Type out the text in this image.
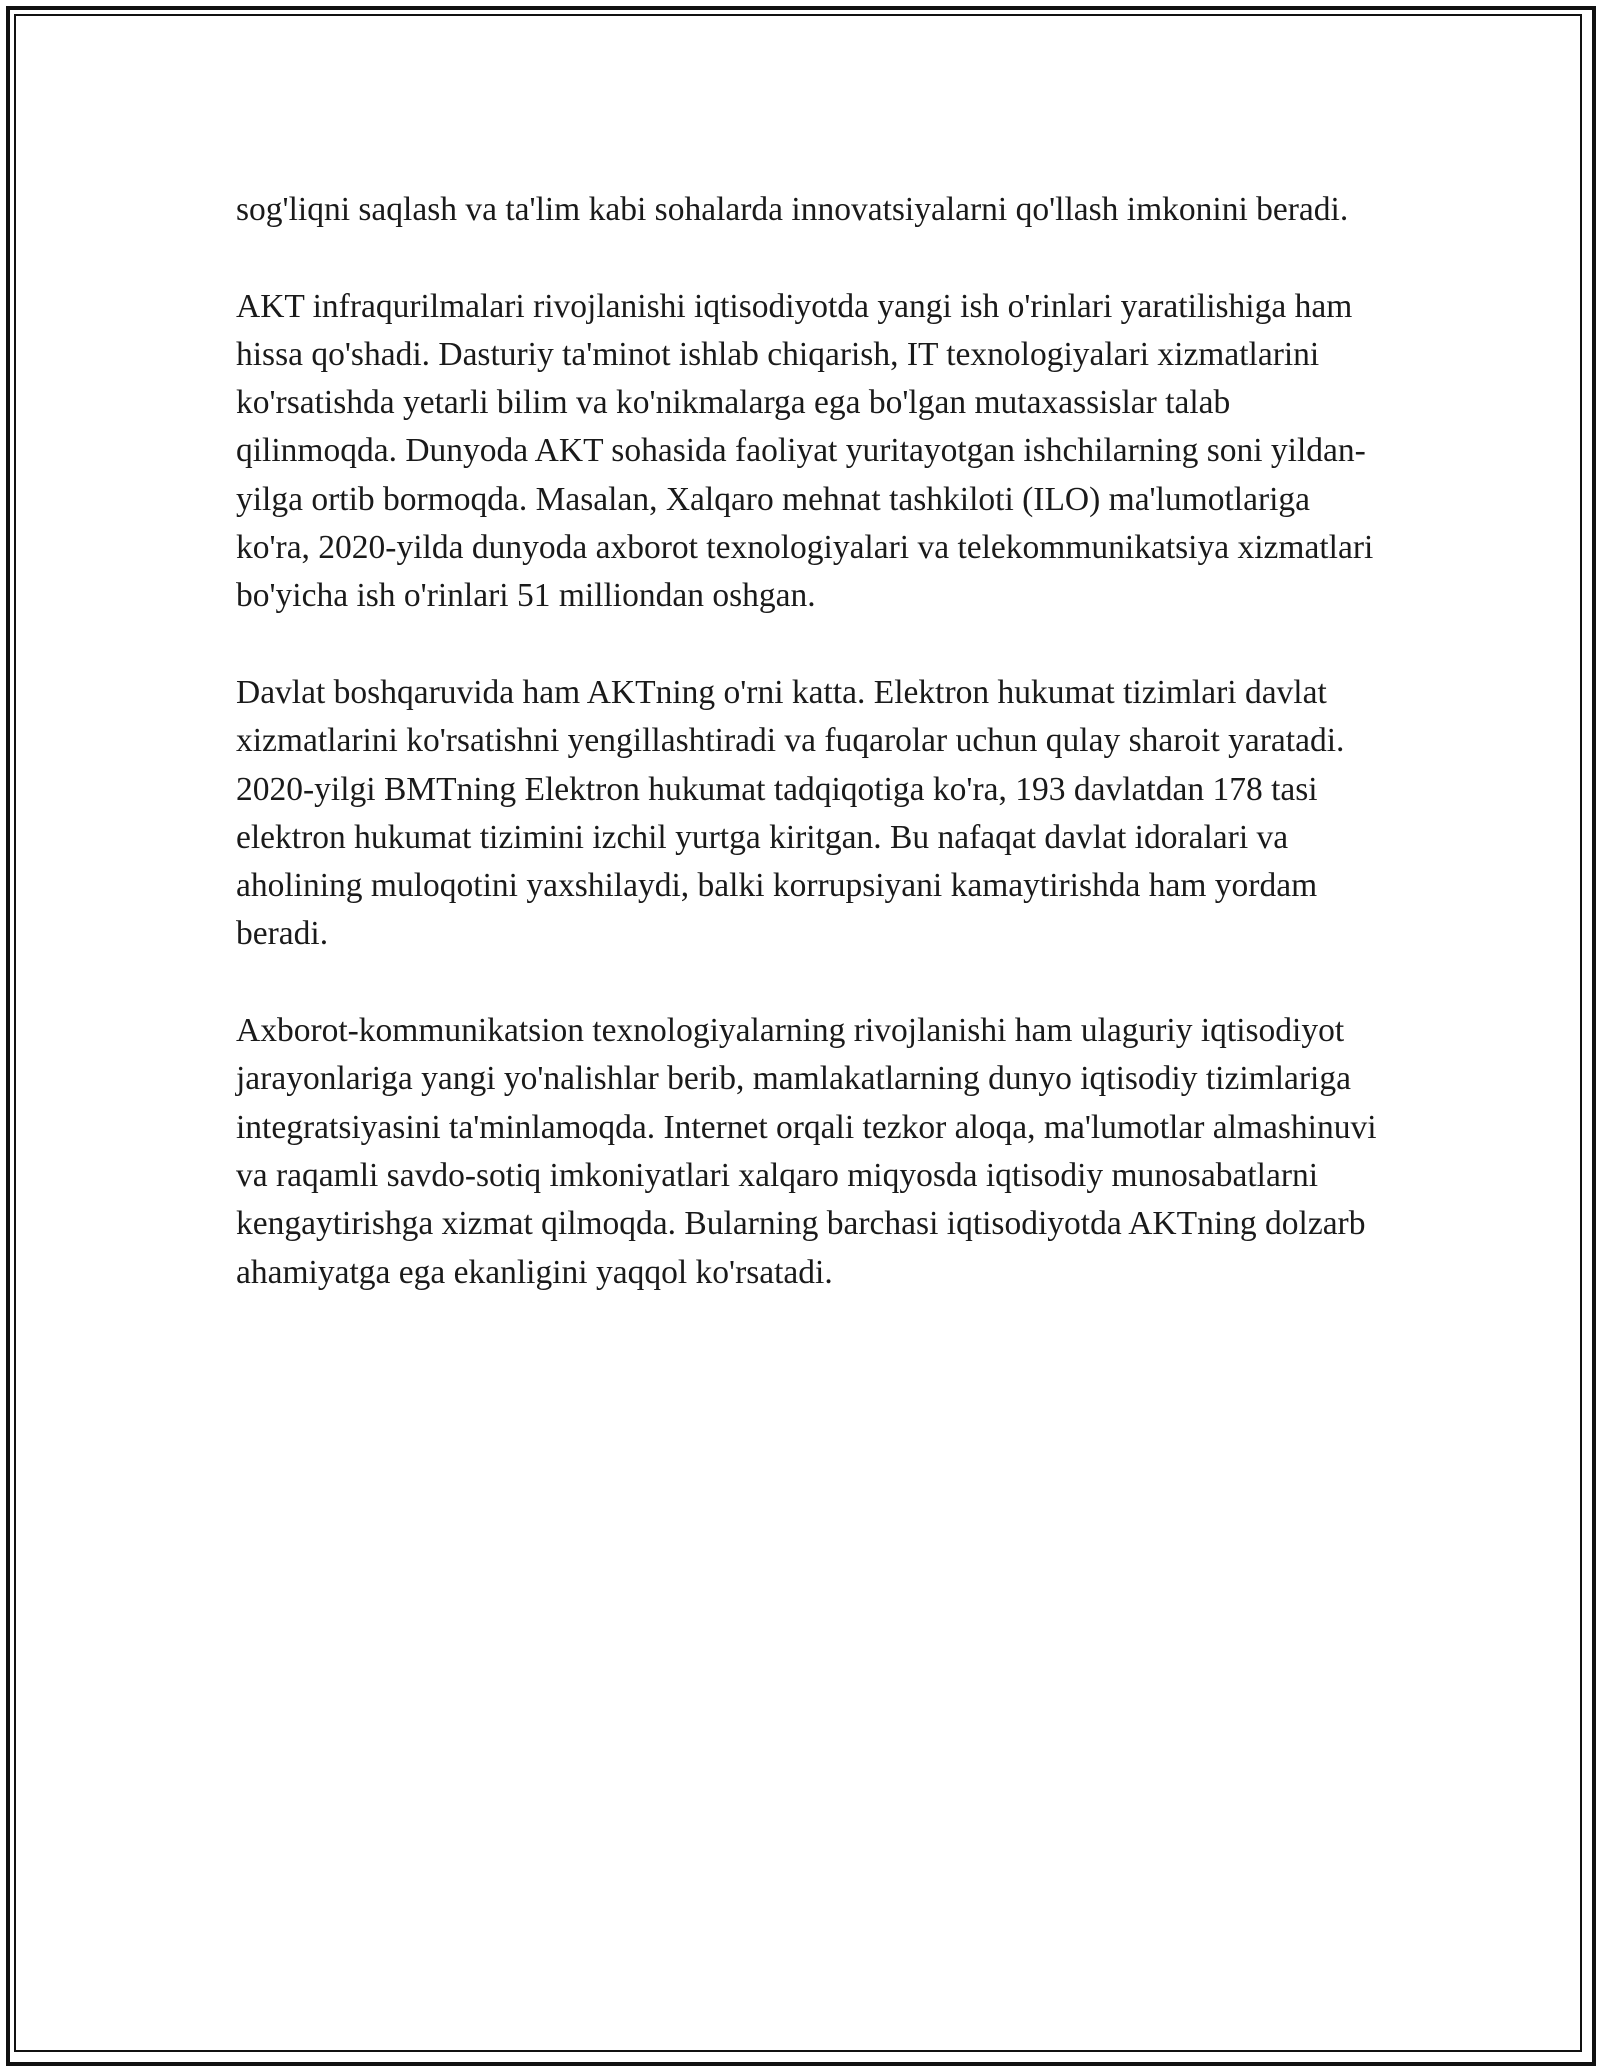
sog'liqni saqlash va ta'lim kabi sohalarda innovatsiyalarni qo'llash imkonini beradi.

AKT infraqurilmalari rivojlanishi iqtisodiyotda yangi ish o'rinlari yaratilishiga ham hissa qo'shadi. Dasturiy ta'minot ishlab chiqarish, IT texnologiyalari xizmatlarini ko'rsatishda yetarli bilim va ko'nikmalarga ega bo'lgan mutaxassislar talab qilinmoqda. Dunyoda AKT sohasida faoliyat yuritayotgan ishchilarning soni yildan-yilga ortib bormoqda. Masalan, Xalqaro mehnat tashkiloti (ILO) ma'lumotlariga ko'ra, 2020-yilda dunyoda axborot texnologiyalari va telekommunikatsiya xizmatlari bo'yicha ish o'rinlari 51 milliondan oshgan.

Davlat boshqaruvida ham AKTning o'rni katta. Elektron hukumat tizimlari davlat xizmatlarini ko'rsatishni yengillashtiradi va fuqarolar uchun qulay sharoit yaratadi. 2020-yilgi BMTning Elektron hukumat tadqiqotiga ko'ra, 193 davlatdan 178 tasi elektron hukumat tizimini izchil yurtga kiritgan. Bu nafaqat davlat idoralari va aholining muloqotini yaxshilaydi, balki korrupsiyani kamaytirishda ham yordam beradi.

Axborot-kommunikatsion texnologiyalarning rivojlanishi ham ulaguriy iqtisodiyot jarayonlariga yangi yo'nalishlar berib, mamlakatlarning dunyo iqtisodiy tizimlariga integratsiyasini ta'minlamoqda. Internet orqali tezkor aloqa, ma'lumotlar almashinuvi va raqamli savdo-sotiq imkoniyatlari xalqaro miqyosda iqtisodiy munosabatlarni kengaytirishga xizmat qilmoqda. Bularning barchasi iqtisodiyotda AKTning dolzarb ahamiyatga ega ekanligini yaqqol ko'rsatadi.
